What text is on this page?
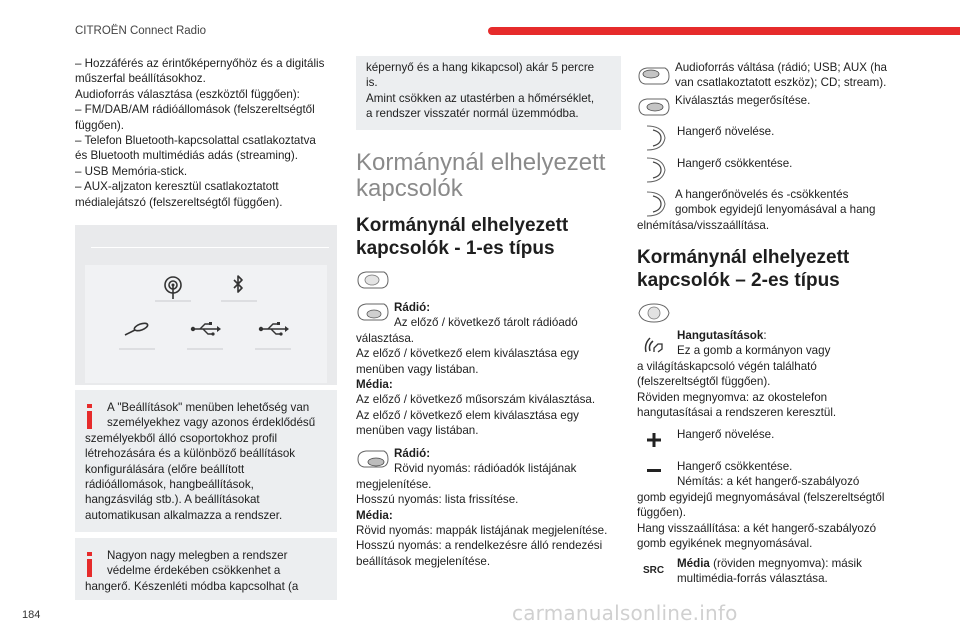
CITROËN Connect Radio
– Hozzáférés az érintőképernyőhöz és a digitális
műszerfal beállításokhoz.
Audioforrás választása (eszköztől függően):
– FM/DAB/AM rádióállomások (felszereltségtől
függően).
– Telefon Bluetooth-kapcsolattal csatlakoztatva
és Bluetooth multimédiás adás (streaming).
– USB Memória-stick.
– AUX-aljzaton keresztül csatlakoztatott
médialejátszó (felszereltségtől függően).
A "Beállítások" menüben lehetőség van
személyekhez vagy azonos érdeklődésű
személyekből álló csoportokhoz profil
létrehozására és a különböző beállítások
konfigurálására (előre beállított
rádióállomások, hangbeállítások,
hangzásvilág stb.). A beállításokat
automatikusan alkalmazza a rendszer.
Nagyon nagy melegben a rendszer
védelme érdekében csökkenhet a
hangerő. Készenléti módba kapcsolhat (a
képernyő és a hang kikapcsol) akár 5 percre
is.
Amint csökken az utastérben a hőmérséklet,
a rendszer visszatér normál üzemmódba.
Kormánynál elhelyezett
kapcsolók
Kormánynál elhelyezett
kapcsolók - 1-es típus
Rádió:
Az előző / következő tárolt rádióadó
választása.
Az előző / következő elem kiválasztása egy
menüben vagy listában.
Média:
Az előző / következő műsorszám kiválasztása.
Az előző / következő elem kiválasztása egy
menüben vagy listában.
Rádió:
Rövid nyomás: rádióadók listájának
megjelenítése.
Hosszú nyomás: lista frissítése.
Média:
Rövid nyomás: mappák listájának megjelenítése.
Hosszú nyomás: a rendelkezésre álló rendezési
beállítások megjelenítése.
Audioforrás váltása (rádió; USB; AUX (ha
van csatlakoztatott eszköz); CD; stream).
Kiválasztás megerősítése.
Hangerő növelése.
Hangerő csökkentése.
A hangerőnövelés és -csökkentés
gombok egyidejű lenyomásával a hang
elnémítása/visszaállítása.
Kormánynál elhelyezett
kapcsolók – 2-es típus
Hangutasítások:
Ez a gomb a kormányon vagy
a világításkapcsoló végén található
(felszereltségtől függően).
Röviden megnyomva: az okostelefon
hangutasításai a rendszeren keresztül.
Hangerő növelése.
Hangerő csökkentése.
Némítás: a két hangerő-szabályozó
gomb egyidejű megnyomásával (felszereltségtől
függően).
Hang visszaállítása: a két hangerő-szabályozó
gomb egyikének megnyomásával.
SRC
Média (röviden megnyomva): másik
multimédia-forrás választása.
184	carmanualsonline.info
